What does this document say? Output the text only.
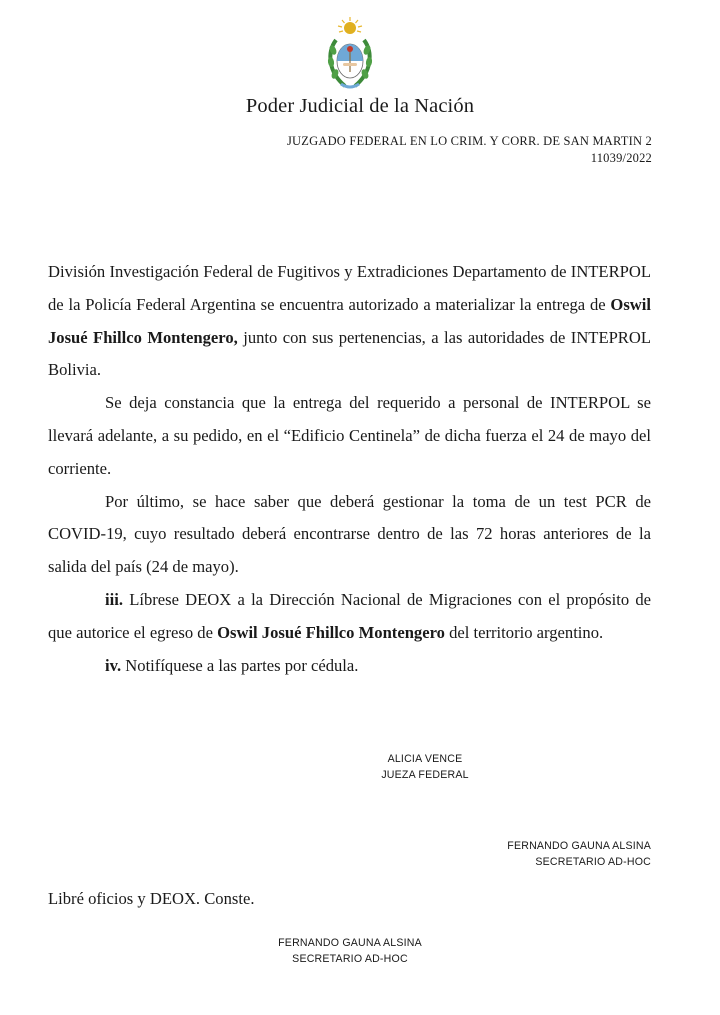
Poder Judicial de la Nación
JUZGADO FEDERAL EN LO CRIM. Y CORR. DE SAN MARTIN 2
11039/2022

División Investigación Federal de Fugitivos y Extradiciones Departamento de INTERPOL de la Policía Federal Argentina se encuentra autorizado a materializar la entrega de Oswil Josué Fhillco Montengero, junto con sus pertenencias, a las autoridades de INTEPROL Bolivia.

Se deja constancia que la entrega del requerido a personal de INTERPOL se llevará adelante, a su pedido, en el “Edificio Centinela” de dicha fuerza el 24 de mayo del corriente.

Por último, se hace saber que deberá gestionar la toma de un test PCR de COVID-19, cuyo resultado deberá encontrarse dentro de las 72 horas anteriores de la salida del país (24 de mayo).

iii. Líbrese DEOX a la Dirección Nacional de Migraciones con el propósito de que autorice el egreso de Oswil Josué Fhillco Montengero del territorio argentino.

iv. Notifíquese a las partes por cédula.

ALICIA VENCE
JUEZA FEDERAL
FERNANDO GAUNA ALSINA
SECRETARIO AD-HOC
Libré oficios y DEOX. Conste.
FERNANDO GAUNA ALSINA
SECRETARIO AD-HOC
